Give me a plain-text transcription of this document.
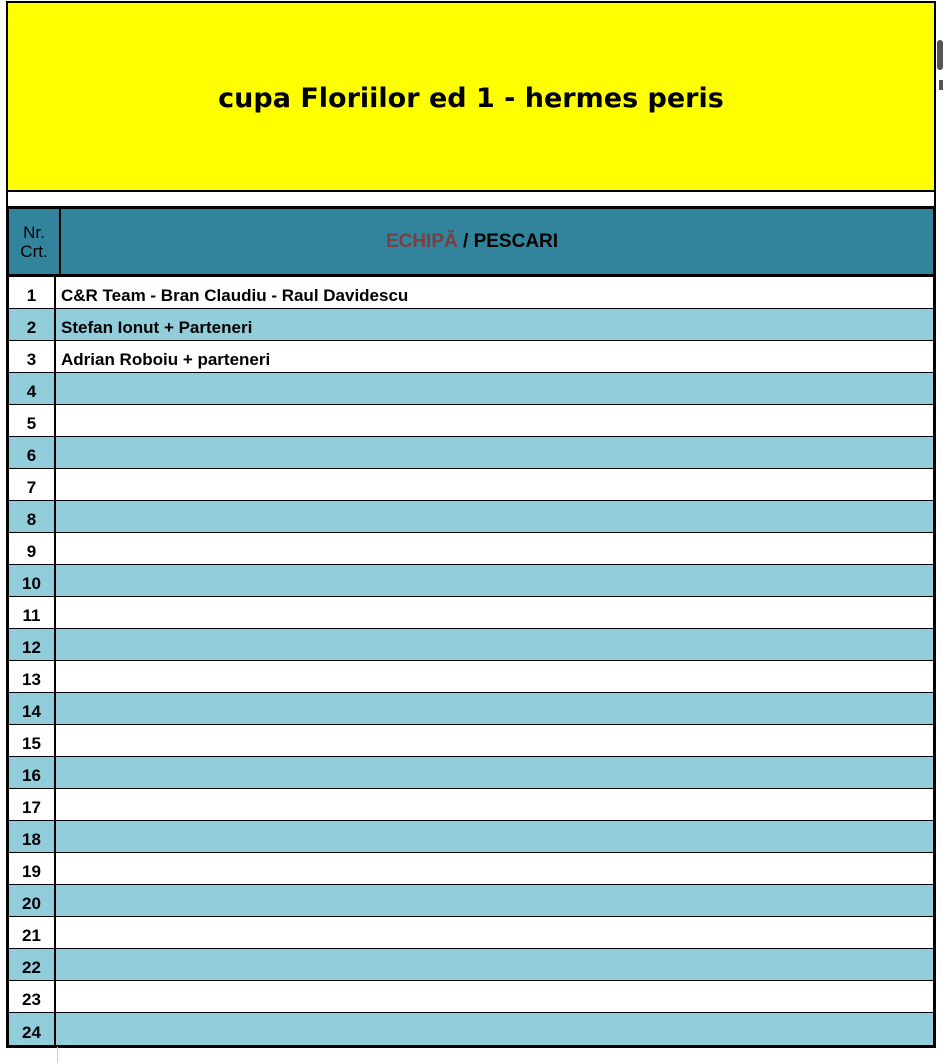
cupa Floriilor ed 1 - hermes peris
Nr.
Crt.	ECHIPĂ / PESCARI
1	C&R Team - Bran Claudiu - Raul Davidescu
2	Stefan Ionut + Parteneri
3	Adrian Roboiu + parteneri
4
5
6
7
8
9
10
11
12
13
14
15
16
17
18
19
20
21
22
23
24
